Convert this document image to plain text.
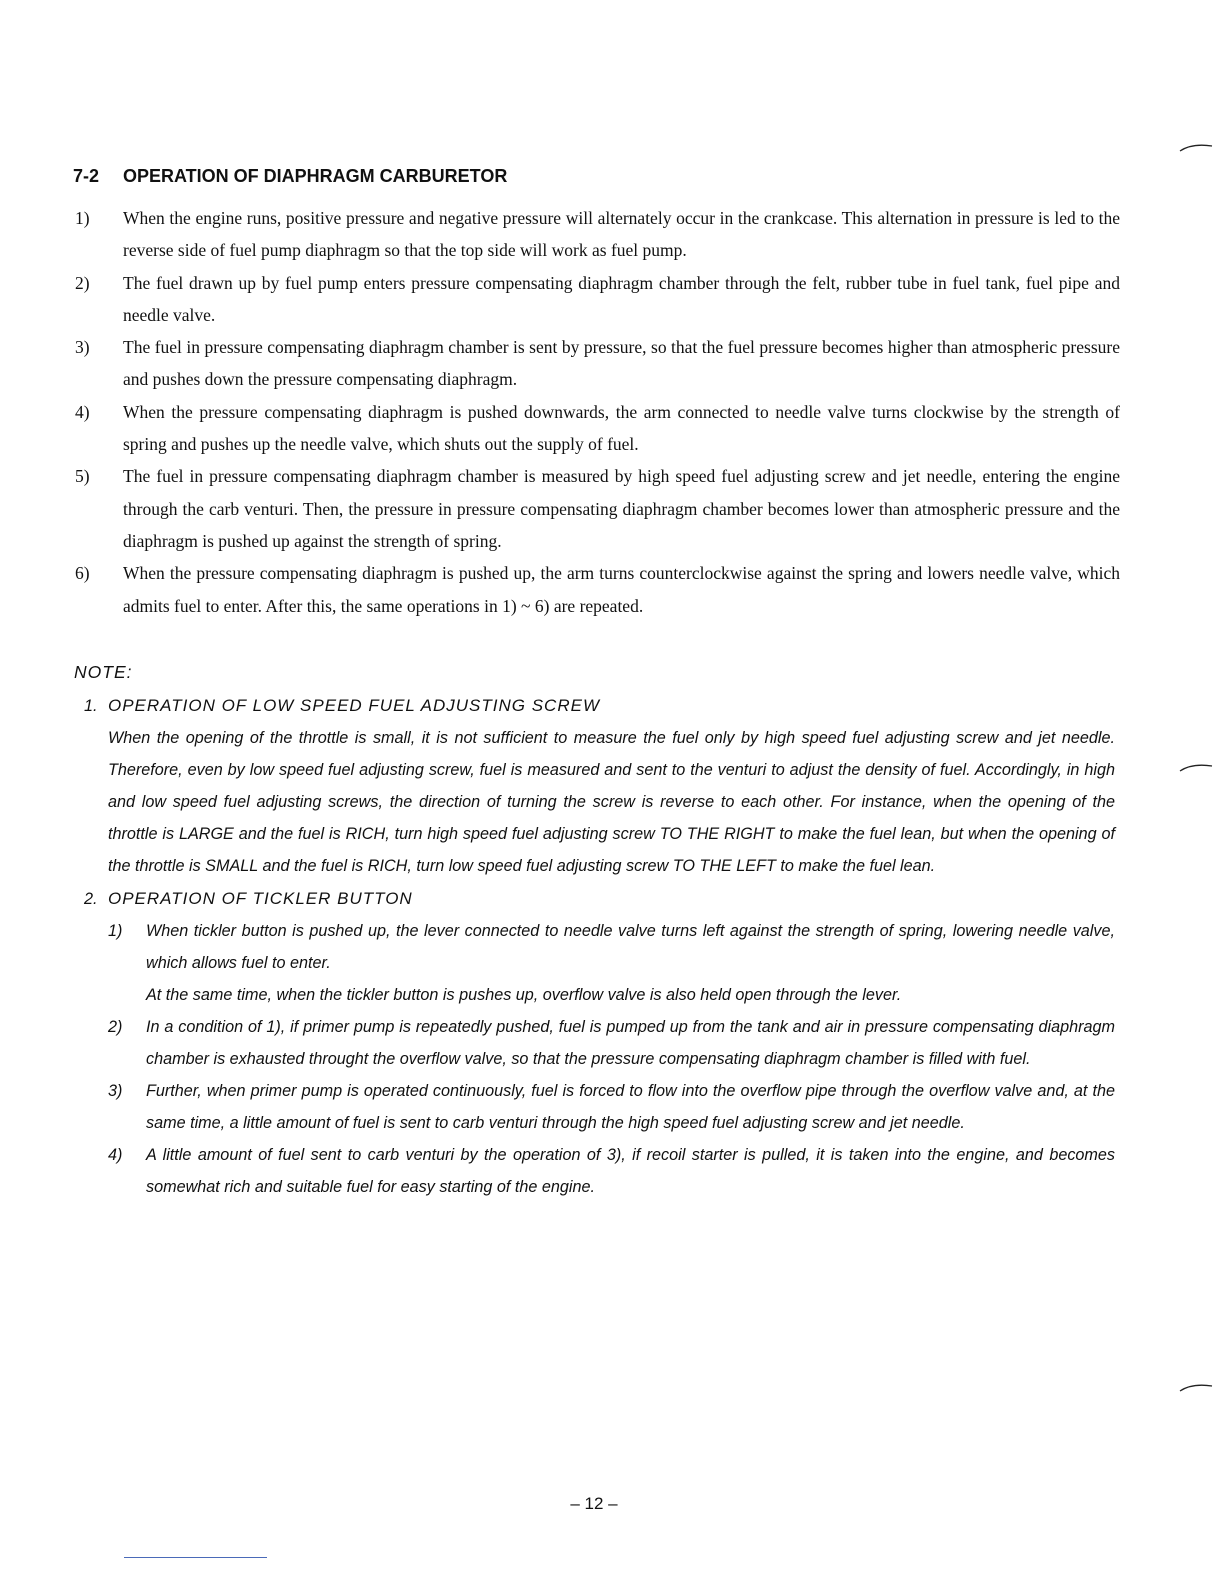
7-2 OPERATION OF DIAPHRAGM CARBURETOR
1) When the engine runs, positive pressure and negative pressure will alternately occur in the crankcase. This alternation in pressure is led to the reverse side of fuel pump diaphragm so that the top side will work as fuel pump.
2) The fuel drawn up by fuel pump enters pressure compensating diaphragm chamber through the felt, rubber tube in fuel tank, fuel pipe and needle valve.
3) The fuel in pressure compensating diaphragm chamber is sent by pressure, so that the fuel pressure becomes higher than atmospheric pressure and pushes down the pressure compensating diaphragm.
4) When the pressure compensating diaphragm is pushed downwards, the arm connected to needle valve turns clockwise by the strength of spring and pushes up the needle valve, which shuts out the supply of fuel.
5) The fuel in pressure compensating diaphragm chamber is measured by high speed fuel adjusting screw and jet needle, entering the engine through the carb venturi. Then, the pressure in pressure compensating diaphragm chamber becomes lower than atmospheric pressure and the diaphragm is pushed up against the strength of spring.
6) When the pressure compensating diaphragm is pushed up, the arm turns counterclockwise against the spring and lowers needle valve, which admits fuel to enter. After this, the same operations in 1) ~ 6) are repeated.
NOTE:
1. OPERATION OF LOW SPEED FUEL ADJUSTING SCREW
When the opening of the throttle is small, it is not sufficient to measure the fuel only by high speed fuel adjusting screw and jet needle. Therefore, even by low speed fuel adjusting screw, fuel is measured and sent to the venturi to adjust the density of fuel. Accordingly, in high and low speed fuel adjusting screws, the direction of turning the screw is reverse to each other. For instance, when the opening of the throttle is LARGE and the fuel is RICH, turn high speed fuel adjusting screw TO THE RIGHT to make the fuel lean, but when the opening of the throttle is SMALL and the fuel is RICH, turn low speed fuel adjusting screw TO THE LEFT to make the fuel lean.
2. OPERATION OF TICKLER BUTTON
1) When tickler button is pushed up, the lever connected to needle valve turns left against the strength of spring, lowering needle valve, which allows fuel to enter.
At the same time, when the tickler button is pushes up, overflow valve is also held open through the lever.
2) In a condition of 1), if primer pump is repeatedly pushed, fuel is pumped up from the tank and air in pressure compensating diaphragm chamber is exhausted throught the overflow valve, so that the pressure compensating diaphragm chamber is filled with fuel.
3) Further, when primer pump is operated continuously, fuel is forced to flow into the overflow pipe through the overflow valve and, at the same time, a little amount of fuel is sent to carb venturi through the high speed fuel adjusting screw and jet needle.
4) A little amount of fuel sent to carb venturi by the operation of 3), if recoil starter is pulled, it is taken into the engine, and becomes somewhat rich and suitable fuel for easy starting of the engine.
– 12 –
